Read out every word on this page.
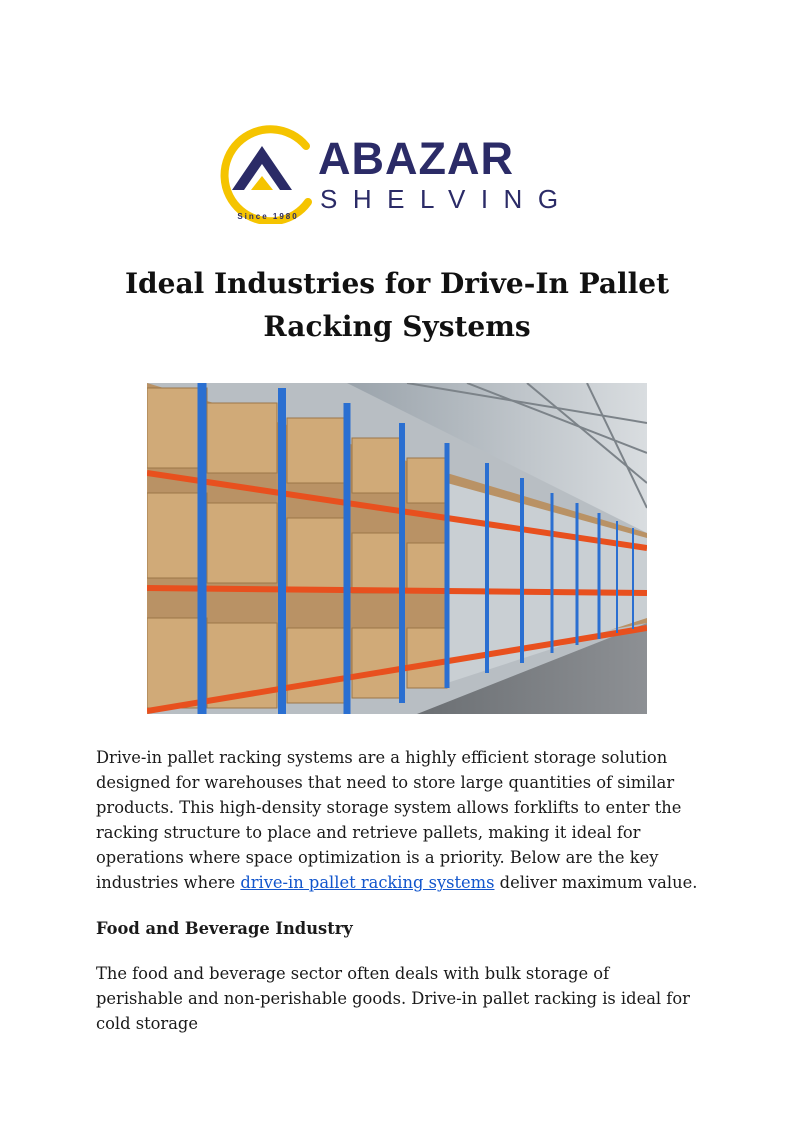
Since 1980
ABAZAR
SHELVING
Ideal Industries for Drive-In Pallet Racking Systems

Drive-in pallet racking systems are a highly efficient storage solution designed for warehouses that need to store large quantities of similar products. This high-density storage system allows forklifts to enter the racking structure to place and retrieve pallets, making it ideal for operations where space optimization is a priority. Below are the key industries where drive-in pallet racking systems deliver maximum value.

Food and Beverage Industry

The food and beverage sector often deals with bulk storage of perishable and non-perishable goods. Drive-in pallet racking is ideal for cold storage
